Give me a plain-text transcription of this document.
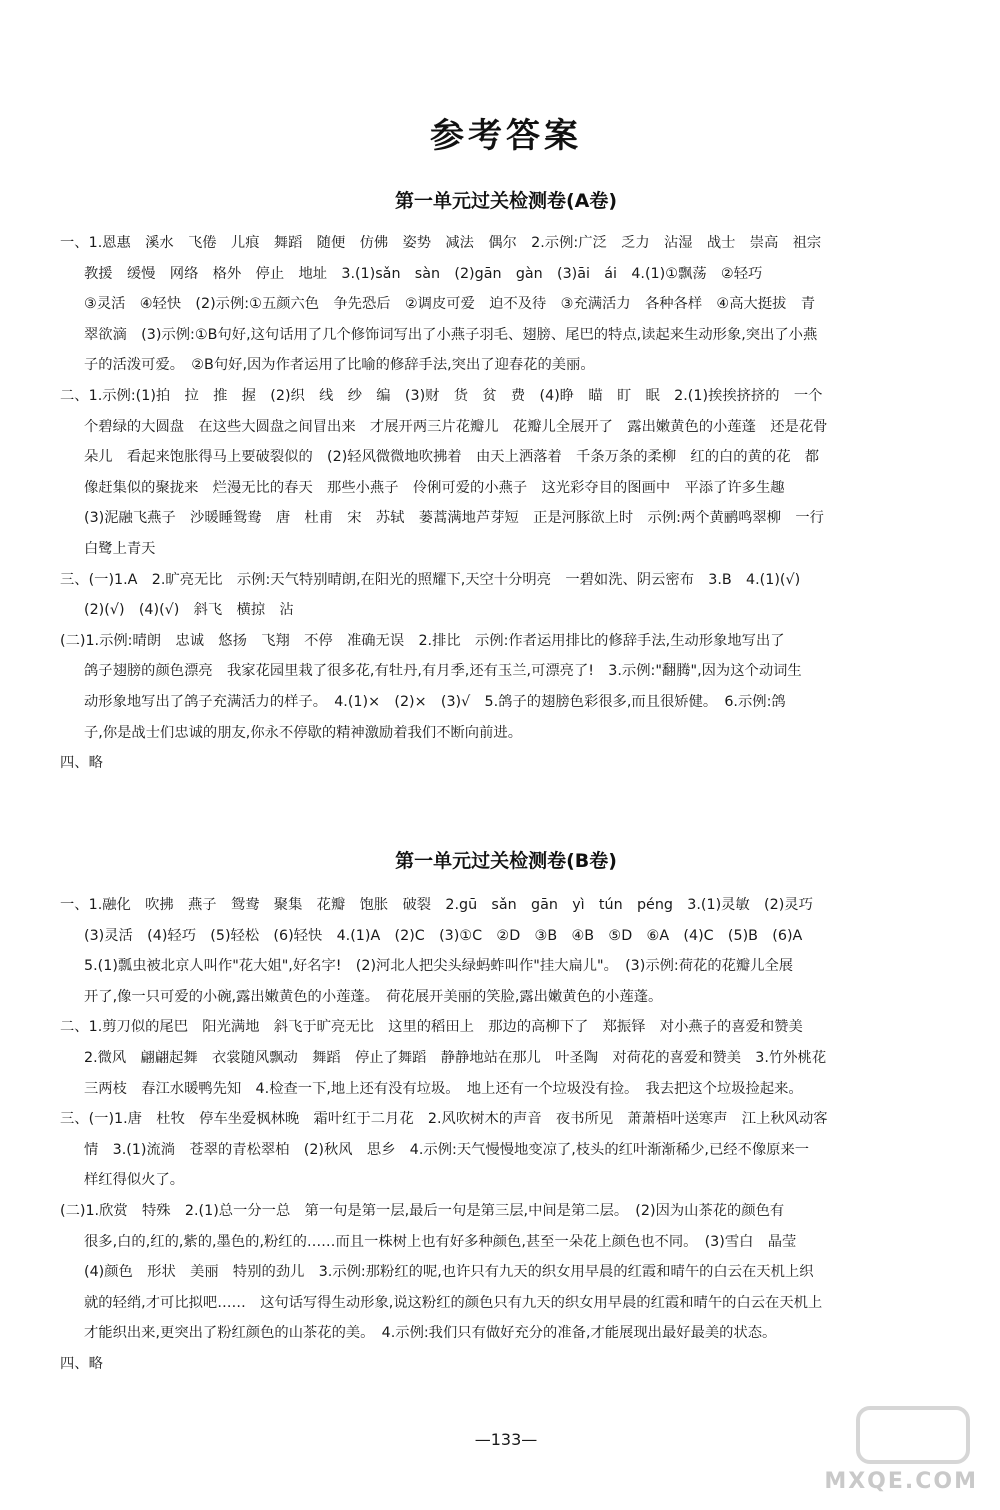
参考答案
第一单元过关检测卷(A卷)
一、1.恩惠　溪水　飞倦　儿痕　舞蹈　随便　仿佛　姿势　减法　偶尔　2.示例:广泛　乏力　沾湿　战士　崇高　祖宗
教援　缓慢　网络　格外　停止　地址　3.(1)sǎn　sàn　(2)gān　gàn　(3)āi　ái　4.(1)①飘荡　②轻巧
③灵活　④轻快　(2)示例:①五颜六色　争先恐后　②调皮可爱　迫不及待　③充满活力　各种各样　④高大挺拔　青
翠欲滴　(3)示例:①B句好,这句话用了几个修饰词写出了小燕子羽毛、翅膀、尾巴的特点,读起来生动形象,突出了小燕
子的活泼可爱。　②B句好,因为作者运用了比喻的修辞手法,突出了迎春花的美丽。
二、1.示例:(1)拍　拉　推　握　(2)织　线　纱　编　(3)财　货　贫　费　(4)睁　瞄　盯　眠　2.(1)挨挨挤挤的　一个
个碧绿的大圆盘　在这些大圆盘之间冒出来　才展开两三片花瓣儿　花瓣儿全展开了　露出嫩黄色的小莲蓬　还是花骨
朵儿　看起来饱胀得马上要破裂似的　(2)轻风微微地吹拂着　由天上洒落着　千条万条的柔柳　红的白的黄的花　都
像赶集似的聚拢来　烂漫无比的春天　那些小燕子　伶俐可爱的小燕子　这光彩夺目的图画中　平添了许多生趣
(3)泥融飞燕子　沙暖睡鸳鸯　唐　杜甫　宋　苏轼　蒌蒿满地芦芽短　正是河豚欲上时　示例:两个黄鹂鸣翠柳　一行
白鹭上青天
三、(一)1.A　2.旷亮无比　示例:天气特别晴朗,在阳光的照耀下,天空十分明亮　一碧如洗、阴云密布　3.B　4.(1)(√)
(2)(√)　(4)(√)　斜飞　横掠　沾
(二)1.示例:晴朗　忠诚　悠扬　飞翔　不停　准确无误　2.排比　示例:作者运用排比的修辞手法,生动形象地写出了
鸽子翅膀的颜色漂亮　我家花园里栽了很多花,有牡丹,有月季,还有玉兰,可漂亮了!　3.示例:"翻腾",因为这个动词生
动形象地写出了鸽子充满活力的样子。　4.(1)×　(2)×　(3)√　5.鸽子的翅膀色彩很多,而且很矫健。　6.示例:鸽
子,你是战士们忠诚的朋友,你永不停歇的精神激励着我们不断向前进。
四、略
第一单元过关检测卷(B卷)
一、1.融化　吹拂　燕子　鸳鸯　聚集　花瓣　饱胀　破裂　2.gū　sǎn　gān　yì　tún　péng　3.(1)灵敏　(2)灵巧
(3)灵活　(4)轻巧　(5)轻松　(6)轻快　4.(1)A　(2)C　(3)①C　②D　③B　④B　⑤D　⑥A　(4)C　(5)B　(6)A
5.(1)瓢虫被北京人叫作"花大姐",好名字!　(2)河北人把尖头绿蚂蚱叫作"挂大扁儿"。　(3)示例:荷花的花瓣儿全展
开了,像一只可爱的小碗,露出嫩黄色的小莲蓬。　荷花展开美丽的笑脸,露出嫩黄色的小莲蓬。
二、1.剪刀似的尾巴　阳光满地　斜飞于旷亮无比　这里的稻田上　那边的高柳下了　郑振铎　对小燕子的喜爱和赞美
2.微风　翩翩起舞　衣裳随风飘动　舞蹈　停止了舞蹈　静静地站在那儿　叶圣陶　对荷花的喜爱和赞美　3.竹外桃花
三两枝　春江水暖鸭先知　4.检查一下,地上还有没有垃圾。　地上还有一个垃圾没有捡。　我去把这个垃圾捡起来。
三、(一)1.唐　杜牧　停车坐爱枫林晚　霜叶红于二月花　2.风吹树木的声音　夜书所见　萧萧梧叶送寒声　江上秋风动客
情　3.(1)流淌　苍翠的青松翠柏　(2)秋风　思乡　4.示例:天气慢慢地变凉了,枝头的红叶渐渐稀少,已经不像原来一
样红得似火了。
(二)1.欣赏　特殊　2.(1)总一分一总　第一句是第一层,最后一句是第三层,中间是第二层。　(2)因为山茶花的颜色有
很多,白的,红的,紫的,墨色的,粉红的……而且一株树上也有好多种颜色,甚至一朵花上颜色也不同。　(3)雪白　晶莹
(4)颜色　形状　美丽　特别的劲儿　3.示例:那粉红的呢,也许只有九天的织女用早晨的红霞和晴午的白云在天机上织
就的轻绡,才可比拟吧……　这句话写得生动形象,说这粉红的颜色只有九天的织女用早晨的红霞和晴午的白云在天机上
才能织出来,更突出了粉红颜色的山茶花的美。　4.示例:我们只有做好充分的准备,才能展现出最好最美的状态。
四、略
—133—
MXQE.COM
